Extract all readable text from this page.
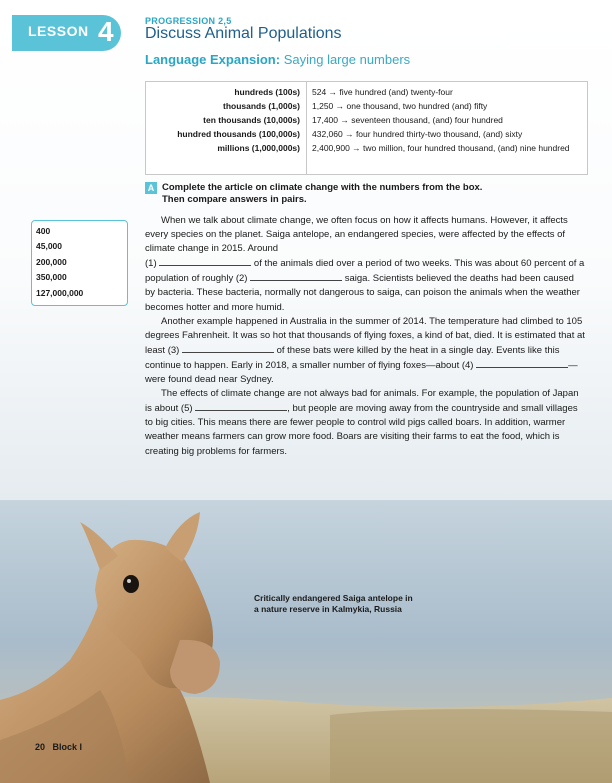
LESSON 4	PROGRESSION 2,5
Discuss Animal Populations
Language Expansion: Saying large numbers
hundreds (100s) 524 → five hundred (and) twenty-four
thousands (1,000s) 1,250 → one thousand, two hundred (and) fifty
ten thousands (10,000s) 17,400 → seventeen thousand, (and) four hundred
hundred thousands (100,000s) 432,060 → four hundred thirty-two thousand, (and) sixty
millions (1,000,000s) 2,400,900 → two million, four hundred thousand, (and) nine hundred
A Complete the article on climate change with the numbers from the box.
Then compare answers in pairs.
400
45,000
200,000
350,000
127,000,000

When we talk about climate change, we often focus on how it affects humans. However, it affects every species on the planet. Saiga antelope, an endangered species, were affected by the effects of climate change in 2015. Around
(1)	of the animals died over a period of two weeks. This was about 60 percent of a population of roughly (2)	saiga. Scientists believed the deaths had been caused by bacteria. These bacteria, normally not dangerous to saiga, can poison the animals when the weather becomes hotter and more humid.

Another example happened in Australia in the summer of 2014. The temperature had climbed to 105 degrees Fahrenheit. It was so hot that thousands of flying foxes, a kind of bat, died. It is estimated that at least (3)	of these bats were killed by the heat in a single day. Events like this continue to happen. Early in 2018, a smaller number of flying foxes—about (4)	—were found dead near Sydney.

The effects of climate change are not always bad for animals. For example, the population of Japan is about (5)	, but people are moving away from the countryside and small villages to big cities. This means there are fewer people to control wild pigs called boars. In addition, warmer weather means farmers can grow more food. Boars are visiting their farms to eat the food, which is creating big problems for farmers.

Critically endangered Saiga antelope in a nature reserve in Kalmykia, Russia
20 Block I
